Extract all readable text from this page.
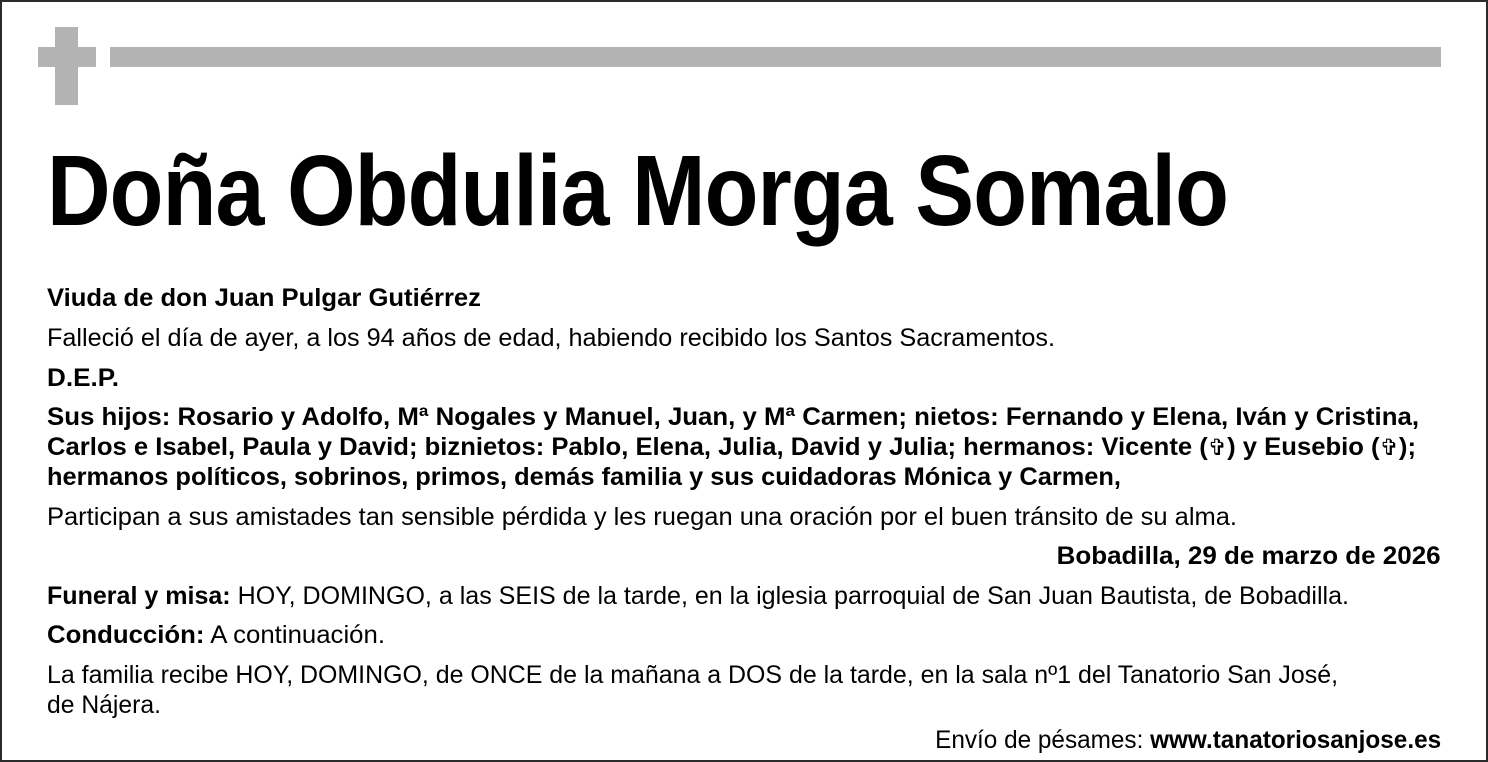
Doña Obdulia Morga Somalo
Viuda de don Juan Pulgar Gutiérrez
Falleció el día de ayer, a los 94 años de edad, habiendo recibido los Santos Sacramentos.
D.E.P.
Sus hijos: Rosario y Adolfo, Mª Nogales y Manuel, Juan, y Mª Carmen; nietos: Fernando y Elena, Iván y Cristina,
Carlos e Isabel, Paula y David; biznietos: Pablo, Elena, Julia, David y Julia; hermanos: Vicente (✞) y Eusebio (✞);
hermanos políticos, sobrinos, primos, demás familia y sus cuidadoras Mónica y Carmen,
Participan a sus amistades tan sensible pérdida y les ruegan una oración por el buen tránsito de su alma.
Bobadilla, 29 de marzo de 2026
Funeral y misa: HOY, DOMINGO, a las SEIS de la tarde, en la iglesia parroquial de San Juan Bautista, de Bobadilla.
Conducción: A continuación.
La familia recibe HOY, DOMINGO, de ONCE de la mañana a DOS de la tarde, en la sala nº1 del Tanatorio San José,
de Nájera.
Envío de pésames: www.tanatoriosanjose.es
